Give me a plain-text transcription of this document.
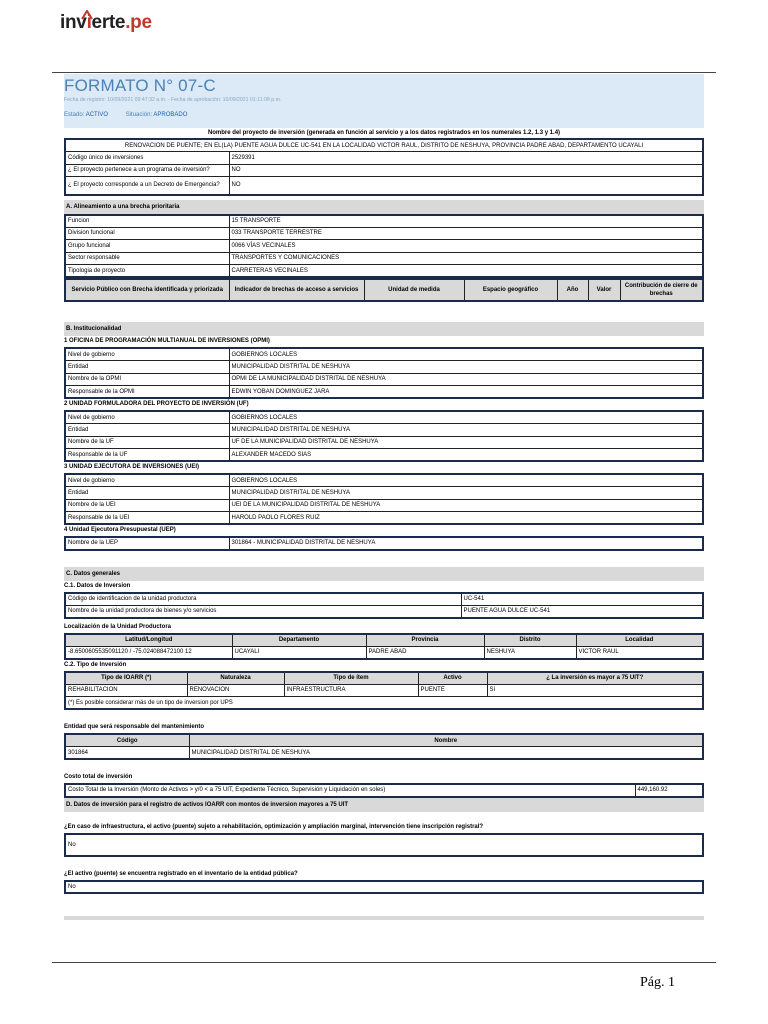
invierte.pe
FORMATO N° 07-C
Fecha de registro: 10/09/2021 09:47:32 a.m. - Fecha de aprobación: 10/09/2021 01:11:08 p.m.
Estado: ACTIVO	Situación: APROBADO
Nombre del proyecto de inversión (generada en función al servicio y a los datos registrados en los numerales 1.2, 1.3 y 1.4)
RENOVACION DE PUENTE; EN EL(LA) PUENTE AGUA DULCE UC-541 EN LA LOCALIDAD VICTOR RAUL, DISTRITO DE NESHUYA, PROVINCIA PADRE ABAD, DEPARTAMENTO UCAYALI	
Código único de inversiones	2529391
¿ El proyecto pertenece a un programa de inversión?	NO
¿ El proyecto corresponde a un Decreto de Emergencia?	NO
A. Alineamiento a una brecha prioritaria
Funcion	15 TRANSPORTE
Division funcional	033 TRANSPORTE TERRESTRE
Grupo funcional	0066 VÍAS VECINALES
Sector responsable	TRANSPORTES Y COMUNICACIONES
Tipologia de proyecto	CARRETERAS VECINALES
Servicio Público con Brecha identificada y priorizada	Indicador de brechas de acceso a servicios	Unidad de medida	Espacio geográfico	Año	Valor	Contribución de cierre de brechas
B. Institucionalidad
1 OFICINA DE PROGRAMACIÓN MULTIANUAL DE INVERSIONES (OPMI)
Nivel de gobierno	GOBIERNOS LOCALES
Entidad	MUNICIPALIDAD DISTRITAL DE NESHUYA
Nombre de la OPMI	OPMI DE LA MUNICIPALIDAD DISTRITAL DE NESHUYA
Responsable de la OPMI	EDWIN YOBAN DOMINGUEZ JARA
2 UNIDAD FORMULADORA DEL PROYECTO DE INVERSIÓN (UF)
Nivel de gobierno	GOBIERNOS LOCALES
Entidad	MUNICIPALIDAD DISTRITAL DE NESHUYA
Nombre de la UF	UF DE LA MUNICIPALIDAD DISTRITAL DE NESHUYA
Responsable de la UF	ALEXANDER MACEDO SIAS
3 UNIDAD EJECUTORA DE INVERSIONES (UEI)
Nivel de gobierno	GOBIERNOS LOCALES
Entidad	MUNICIPALIDAD DISTRITAL DE NESHUYA
Nombre de la UEI	UEI DE LA MUNICIPALIDAD DISTRITAL DE NESHUYA
Responsable de la UEI	HAROLD PAOLO FLORES RUIZ
4 Unidad Ejecutora Presupuestal (UEP)
Nombre de la UEP	301864 - MUNICIPALIDAD DISTRITAL DE NESHUYA
C. Datos generales
C.1. Datos de Inversion
Código de identificacion de la unidad productora	UC-541
Nombre de la unidad productora de bienes y/o servicios	PUENTE AGUA DULCE UC-541
Localización de la Unidad Productora
Latitud/Longitud	Departamento	Provincia	Distrito	Localidad
-8.6500605535091120 / -75.024088472100 12	UCAYALI	PADRE ABAD	NESHUYA	VICTOR RAUL
C.2. Tipo de Inversión
Tipo de IOARR (*)	Naturaleza	Tipo de ítem	Activo	¿ La inversión es mayor a 75 UIT?
REHABILITACION	RENOVACION	INFRAESTRUCTURA	PUENTE	Sí
(*) Es posible considerar más de un tipo de inversion por UPS				
Entidad que será responsable del mantenimiento
Código	Nombre
301864	MUNICIPALIDAD DISTRITAL DE NESHUYA
Costo total de inversión
Costo Total de la Inversión (Monto de Activos > y/0 < a 75 UIT, Expediente Técnico, Supervisión y Liquidación en soles)	449,160.92
D. Datos de inversión para el registro de activos IOARR con montos de inversion mayores a 75 UIT
¿En caso de infraestructura, el activo (puente) sujeto a rehabilitación, optimización y ampliación marginal, intervención tiene inscripción registral?
No
¿El activo (puente) se encuentra registrado en el inventario de la entidad pública?
No
Pág. 1
